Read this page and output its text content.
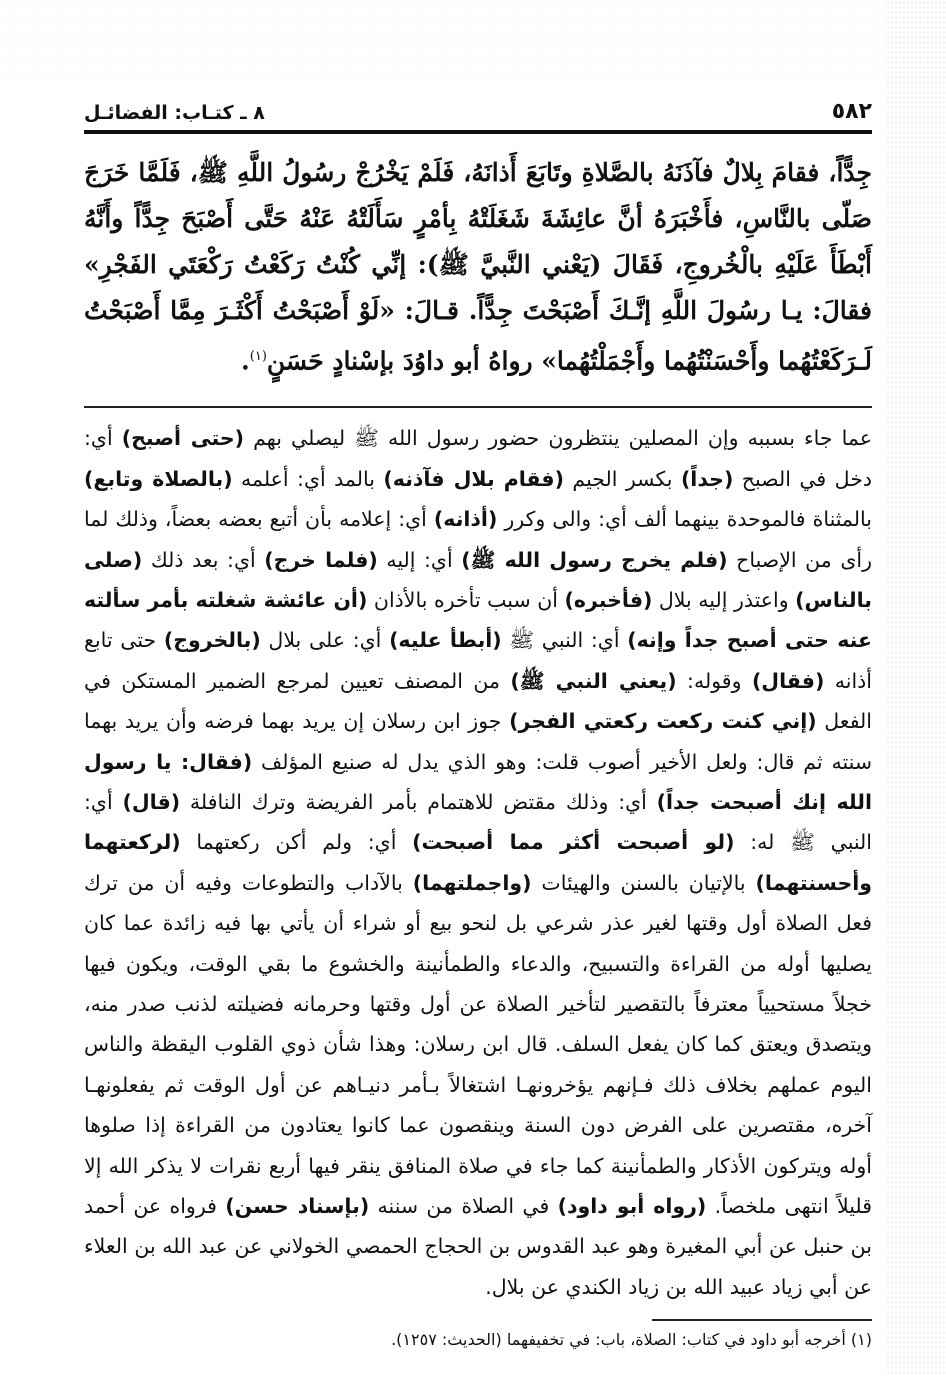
٥٨٢
٨ ـ كتـاب: الفضائـل

جِدًّاً، فقامَ بِلالٌ فآذَنَهُ بالصَّلاةِ وتَابَعَ أَذانَهُ، فَلَمْ يَخْرُجْ رسُولُ اللَّهِ ﷺ، فَلَمَّا خَرَجَ صَلّى بالنَّاسِ، فأَخْبَرَهُ أنَّ عائِشَةَ شَغَلَتْهُ بِأمْرٍ سَأَلَتْهُ عَنْهُ حَتَّى أَصْبَحَ جِدًّاً وأَنَّهُ أَبْطَأَ عَلَيْهِ بالْخُروجِ، فَقَالَ (يَعْني النَّبيَّ ﷺ): إنِّي كُنْتُ رَكَعْتُ رَكْعَتَي الفَجْرِ» فقالَ: يـا رسُولَ اللَّهِ إنَّـكَ أَصْبَحْتَ جِدًّاً. قـالَ: «لَوْ أَصْبَحْتُ أَكْثَـرَ مِمَّا أَصْبَحْتُ لَـرَكَعْتُهُما وأَحْسَنْتُهُما وأَجْمَلْتُهُما» رواهُ أبو داوُدَ بإسْنادٍ حَسَنٍ$^{(١)}$.

عما جاء بسببه وإن المصلين ينتظرون حضور رسول الله ﷺ ليصلي بهم (حتى أصبح) أي: دخل في الصبح (جداً) بكسر الجيم (فقام بلال فآذنه) بالمد أي: أعلمه (بالصلاة وتابع) بالمثناة فالموحدة بينهما ألف أي: والى وكرر (أذانه) أي: إعلامه بأن أتبع بعضه بعضاً، وذلك لما رأى من الإصباح (فلم يخرج رسول الله ﷺ) أي: إليه (فلما خرج) أي: بعد ذلك (صلى بالناس) واعتذر إليه بلال (فأخبره) أن سبب تأخره بالأذان (أن عائشة شغلته بأمر سألته عنه حتى أصبح جداً وإنه) أي: النبي ﷺ (أبطأ عليه) أي: على بلال (بالخروج) حتى تابع أذانه (فقال) وقوله: (يعني النبي ﷺ) من المصنف تعيين لمرجع الضمير المستكن في الفعل (إني كنت ركعت ركعتي الفجر) جوز ابن رسلان إن يريد بهما فرضه وأن يريد بهما سنته ثم قال: ولعل الأخير أصوب قلت: وهو الذي يدل له صنيع المؤلف (فقال: يا رسول الله إنك أصبحت جداً) أي: وذلك مقتض للاهتمام بأمر الفريضة وترك النافلة (قال) أي: النبي ﷺ له: (لو أصبحت أكثر مما أصبحت) أي: ولم أكن ركعتهما (لركعتهما وأحسنتهما) بالإتيان بالسنن والهيئات (واجملتهما) بالآداب والتطوعات وفيه أن من ترك فعل الصلاة أول وقتها لغير عذر شرعي بل لنحو بيع أو شراء أن يأتي بها فيه زائدة عما كان يصليها أوله من القراءة والتسبيح، والدعاء والطمأنينة والخشوع ما بقي الوقت، ويكون فيها خجلاً مستحيياً معترفاً بالتقصير لتأخير الصلاة عن أول وقتها وحرمانه فضيلته لذنب صدر منه، ويتصدق ويعتق كما كان يفعل السلف. قال ابن رسلان: وهذا شأن ذوي القلوب اليقظة والناس اليوم عملهم بخلاف ذلك فـإنهم يؤخرونهـا اشتغالاً بـأمر دنيـاهم عن أول الوقت ثم يفعلونهـا آخره، مقتصرين على الفرض دون السنة وينقصون عما كانوا يعتادون من القراءة إذا صلوها أوله ويتركون الأذكار والطمأنينة كما جاء في صلاة المنافق ينقر فيها أربع نقرات لا يذكر الله إلا قليلاً انتهى ملخصاً. (رواه أبو داود) في الصلاة من سننه (بإسناد حسن) فرواه عن أحمد بن حنبل عن أبي المغيرة وهو عبد القدوس بن الحجاج الحمصي الخولاني عن عبد الله بن العلاء عن أبي زياد عبيد الله بن زياد الكندي عن بلال.

(١) أخرجه أبو داود في كتاب: الصلاة، باب: في تخفيفهما (الحديث: ١٢٥٧).
